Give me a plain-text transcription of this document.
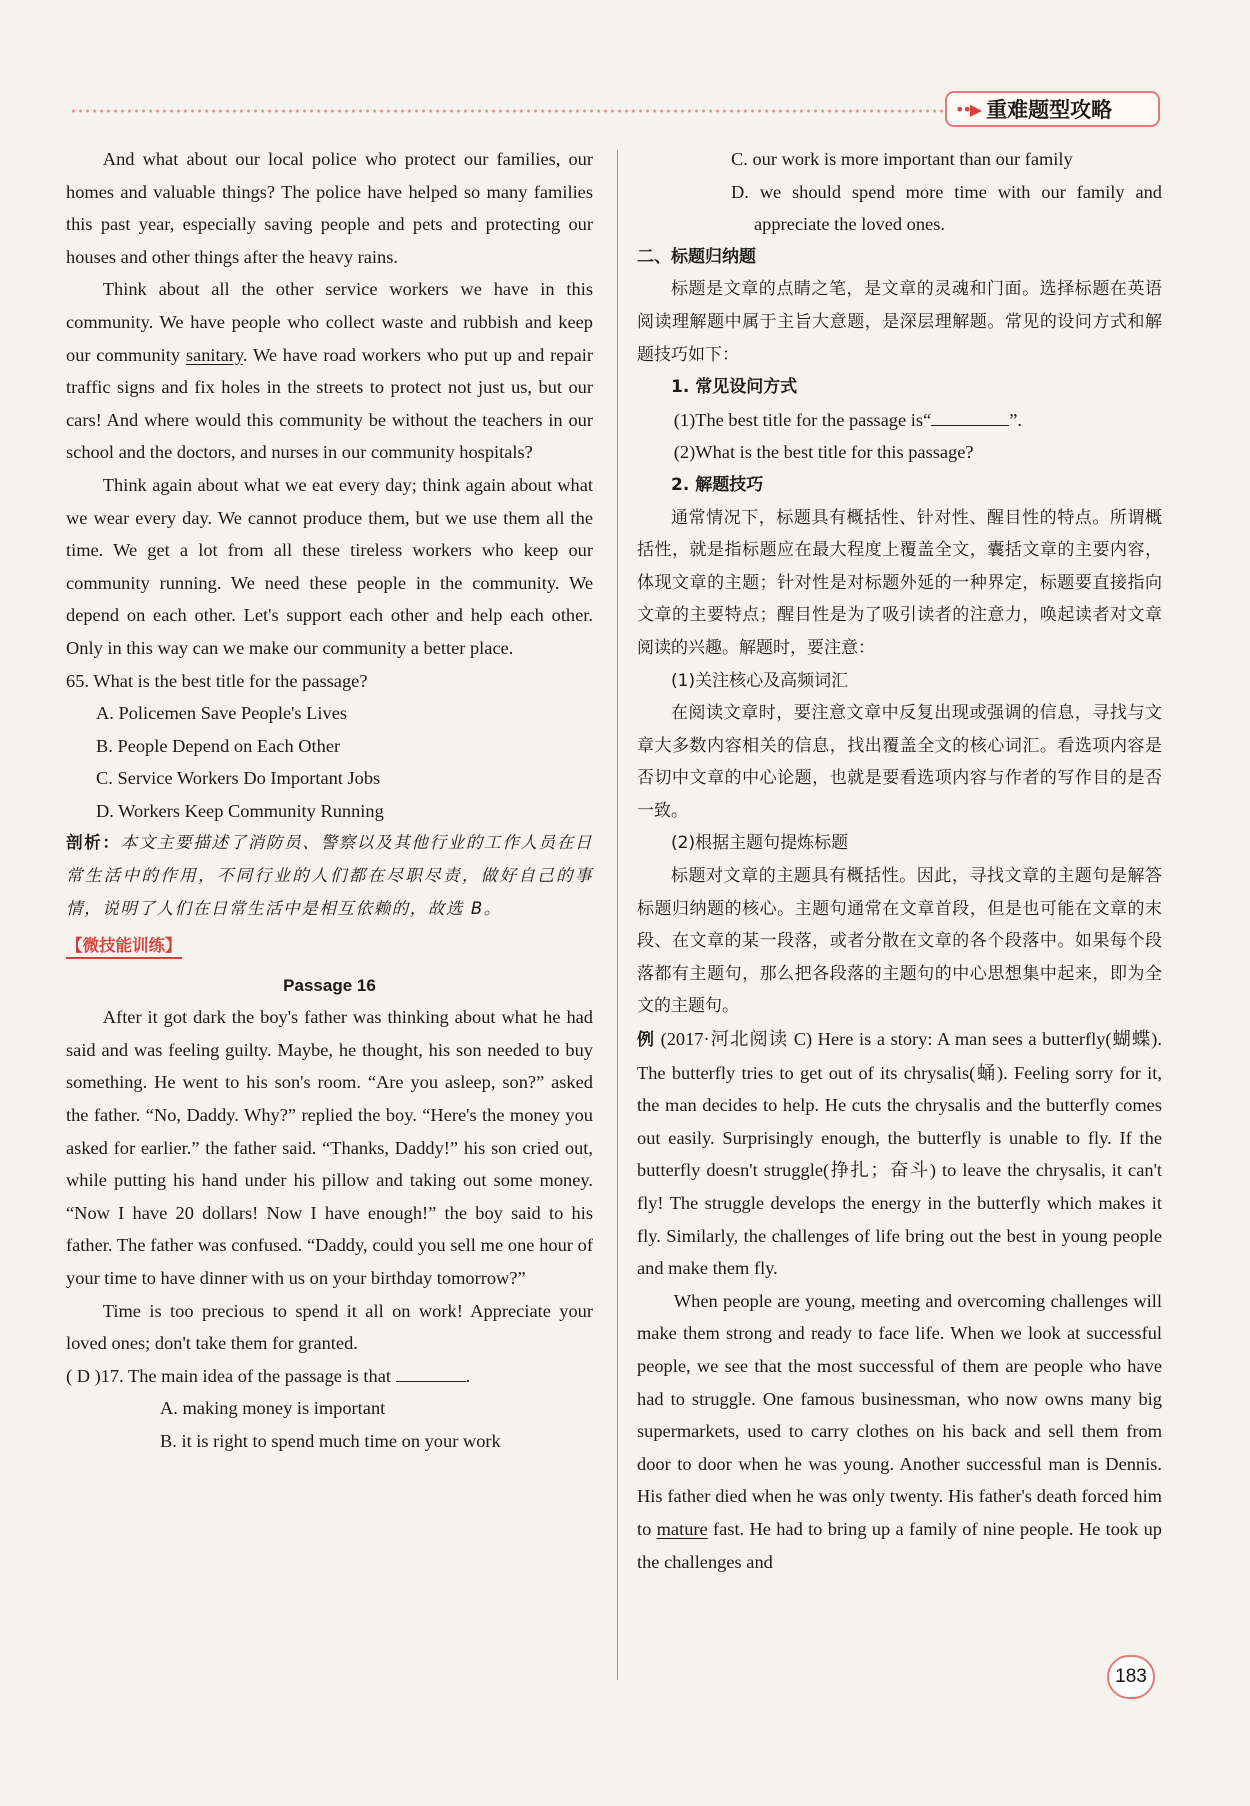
••▶ 重难题型攻略

And what about our local police who protect our families, our homes and valuable things? The police have helped so many families this past year, especially saving people and pets and protecting our houses and other things after the heavy rains.

Think about all the other service workers we have in this community. We have people who collect waste and rubbish and keep our community sanitary. We have road workers who put up and repair traffic signs and fix holes in the streets to protect not just us, but our cars! And where would this community be without the teachers in our school and the doctors, and nurses in our community hospitals?

Think again about what we eat every day; think again about what we wear every day. We cannot produce them, but we use them all the time. We get a lot from all these tireless workers who keep our community running. We need these people in the community. We depend on each other. Let's support each other and help each other. Only in this way can we make our community a better place.

65. What is the best title for the passage?

A. Policemen Save People's Lives

B. People Depend on Each Other

C. Service Workers Do Important Jobs

D. Workers Keep Community Running

剖析：本文主要描述了消防员、警察以及其他行业的工作人员在日常生活中的作用，不同行业的人们都在尽职尽责，做好自己的事情，说明了人们在日常生活中是相互依赖的，故选 B。

【微技能训练】

Passage 16

After it got dark the boy's father was thinking about what he had said and was feeling guilty. Maybe, he thought, his son needed to buy something. He went to his son's room. “Are you asleep, son?” asked the father. “No, Daddy. Why?” replied the boy. “Here's the money you asked for earlier.” the father said. “Thanks, Daddy!” his son cried out, while putting his hand under his pillow and taking out some money. “Now I have 20 dollars! Now I have enough!” the boy said to his father. The father was confused. “Daddy, could you sell me one hour of your time to have dinner with us on your birthday tomorrow?”

Time is too precious to spend it all on work! Appreciate your loved ones; don't take them for granted.

( D )17. The main idea of the passage is that	.

A. making money is important

B. it is right to spend much time on your work

C. our work is more important than our family

D. we should spend more time with our family and appreciate the loved ones.

二、标题归纳题

标题是文章的点睛之笔，是文章的灵魂和门面。选择标题在英语阅读理解题中属于主旨大意题，是深层理解题。常见的设问方式和解题技巧如下：

1. 常见设问方式

(1)The best title for the passage is“	”.

(2)What is the best title for this passage?

2. 解题技巧

通常情况下，标题具有概括性、针对性、醒目性的特点。所谓概括性，就是指标题应在最大程度上覆盖全文，囊括文章的主要内容，体现文章的主题；针对性是对标题外延的一种界定，标题要直接指向文章的主要特点；醒目性是为了吸引读者的注意力，唤起读者对文章阅读的兴趣。解题时，要注意：

(1)关注核心及高频词汇

在阅读文章时，要注意文章中反复出现或强调的信息，寻找与文章大多数内容相关的信息，找出覆盖全文的核心词汇。看选项内容是否切中文章的中心论题，也就是要看选项内容与作者的写作目的是否一致。

(2)根据主题句提炼标题

标题对文章的主题具有概括性。因此，寻找文章的主题句是解答标题归纳题的核心。主题句通常在文章首段，但是也可能在文章的末段、在文章的某一段落，或者分散在文章的各个段落中。如果每个段落都有主题句，那么把各段落的主题句的中心思想集中起来，即为全文的主题句。

例 (2017·河北阅读 C) Here is a story: A man sees a butterfly(蝴蝶). The butterfly tries to get out of its chrysalis(蛹). Feeling sorry for it, the man decides to help. He cuts the chrysalis and the butterfly comes out easily. Surprisingly enough, the butterfly is unable to fly. If the butterfly doesn't struggle(挣扎；奋斗) to leave the chrysalis, it can't fly! The struggle develops the energy in the butterfly which makes it fly. Similarly, the challenges of life bring out the best in young people and make them fly.

When people are young, meeting and overcoming challenges will make them strong and ready to face life. When we look at successful people, we see that the most successful of them are people who have had to struggle. One famous businessman, who now owns many big supermarkets, used to carry clothes on his back and sell them from door to door when he was young. Another successful man is Dennis. His father died when he was only twenty. His father's death forced him to mature fast. He had to bring up a family of nine people. He took up the challenges and

183
